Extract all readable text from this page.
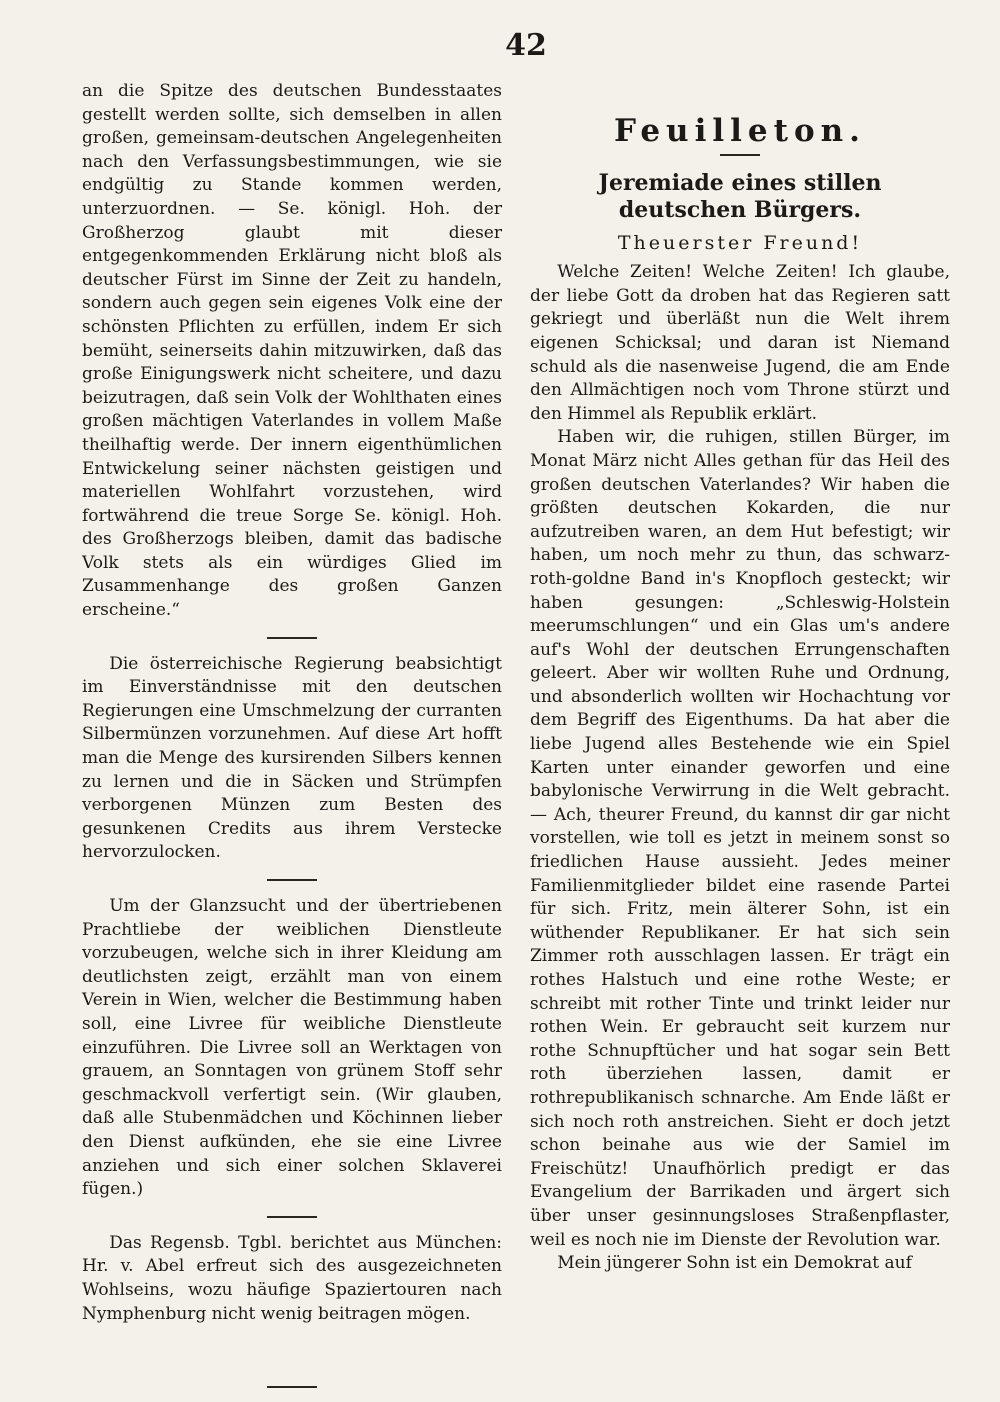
42

an die Spitze des deutschen Bundesstaates gestellt werden sollte, sich demselben in allen großen, gemeinsam-deutschen Angelegenheiten nach den Verfassungsbestimmungen, wie sie endgültig zu Stande kommen werden, unterzuordnen. — Se. königl. Hoh. der Großherzog glaubt mit dieser entgegenkommenden Erklärung nicht bloß als deutscher Fürst im Sinne der Zeit zu handeln, sondern auch gegen sein eigenes Volk eine der schönsten Pflichten zu erfüllen, indem Er sich bemüht, seinerseits dahin mitzuwirken, daß das große Einigungswerk nicht scheitere, und dazu beizutragen, daß sein Volk der Wohlthaten eines großen mächtigen Vaterlandes in vollem Maße theilhaftig werde. Der innern eigenthümlichen Entwickelung seiner nächsten geistigen und materiellen Wohlfahrt vorzustehen, wird fortwährend die treue Sorge Se. königl. Hoh. des Großherzogs bleiben, damit das badische Volk stets als ein würdiges Glied im Zusammenhange des großen Ganzen erscheine.“

Die österreichische Regierung beabsichtigt im Einverständnisse mit den deutschen Regierungen eine Umschmelzung der curranten Silbermünzen vorzunehmen. Auf diese Art hofft man die Menge des kursirenden Silbers kennen zu lernen und die in Säcken und Strümpfen verborgenen Münzen zum Besten des gesunkenen Credits aus ihrem Verstecke hervorzulocken.

Um der Glanzsucht und der übertriebenen Prachtliebe der weiblichen Dienstleute vorzubeugen, welche sich in ihrer Kleidung am deutlichsten zeigt, erzählt man von einem Verein in Wien, welcher die Bestimmung haben soll, eine Livree für weibliche Dienstleute einzuführen. Die Livree soll an Werktagen von grauem, an Sonntagen von grünem Stoff sehr geschmackvoll verfertigt sein. (Wir glauben, daß alle Stubenmädchen und Köchinnen lieber den Dienst aufkünden, ehe sie eine Livree anziehen und sich einer solchen Sklaverei fügen.)

Das Regensb. Tgbl. berichtet aus München: Hr. v. Abel erfreut sich des ausgezeichneten Wohlseins, wozu häufige Spaziertouren nach Nymphenburg nicht wenig beitragen mögen.

Feuilleton.
Jeremiade eines stillen deutschen Bürgers.
Theuerster Freund!

Welche Zeiten! Welche Zeiten! Ich glaube, der liebe Gott da droben hat das Regieren satt gekriegt und überläßt nun die Welt ihrem eigenen Schicksal; und daran ist Niemand schuld als die nasenweise Jugend, die am Ende den Allmächtigen noch vom Throne stürzt und den Himmel als Republik erklärt.

Haben wir, die ruhigen, stillen Bürger, im Monat März nicht Alles gethan für das Heil des großen deutschen Vaterlandes? Wir haben die größten deutschen Kokarden, die nur aufzutreiben waren, an dem Hut befestigt; wir haben, um noch mehr zu thun, das schwarz-roth-goldne Band in's Knopfloch gesteckt; wir haben gesungen: „Schleswig-Holstein meerumschlungen“ und ein Glas um's andere auf's Wohl der deutschen Errungenschaften geleert. Aber wir wollten Ruhe und Ordnung, und absonderlich wollten wir Hochachtung vor dem Begriff des Eigenthums. Da hat aber die liebe Jugend alles Bestehende wie ein Spiel Karten unter einander geworfen und eine babylonische Verwirrung in die Welt gebracht. — Ach, theurer Freund, du kannst dir gar nicht vorstellen, wie toll es jetzt in meinem sonst so friedlichen Hause aussieht. Jedes meiner Familienmitglieder bildet eine rasende Partei für sich. Fritz, mein älterer Sohn, ist ein wüthender Republikaner. Er hat sich sein Zimmer roth ausschlagen lassen. Er trägt ein rothes Halstuch und eine rothe Weste; er schreibt mit rother Tinte und trinkt leider nur rothen Wein. Er gebraucht seit kurzem nur rothe Schnupftücher und hat sogar sein Bett roth überziehen lassen, damit er rothrepublikanisch schnarche. Am Ende läßt er sich noch roth anstreichen. Sieht er doch jetzt schon beinahe aus wie der Samiel im Freischütz! Unaufhörlich predigt er das Evangelium der Barrikaden und ärgert sich über unser gesinnungsloses Straßenpflaster, weil es noch nie im Dienste der Revolution war.

Mein jüngerer Sohn ist ein Demokrat auf
